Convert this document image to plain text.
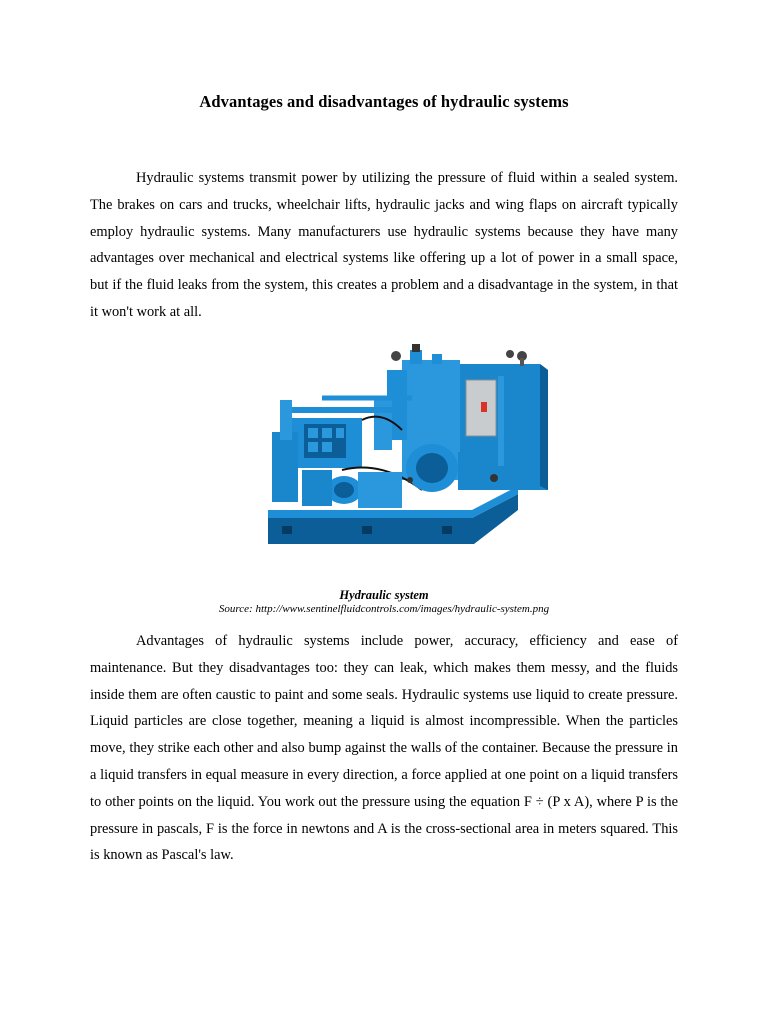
Advantages and disadvantages of hydraulic systems

Hydraulic systems transmit power by utilizing the pressure of fluid within a sealed system. The brakes on cars and trucks, wheelchair lifts, hydraulic jacks and wing flaps on aircraft typically employ hydraulic systems. Many manufacturers use hydraulic systems because they have many advantages over mechanical and electrical systems like offering up a lot of power in a small space, but if the fluid leaks from the system, this creates a problem and a disadvantage in the system, in that it won't work at all.

Hydraulic system
Source: http://www.sentinelfluidcontrols.com/images/hydraulic-system.png

Advantages of hydraulic systems include power, accuracy, efficiency and ease of maintenance. But they disadvantages too: they can leak, which makes them messy, and the fluids inside them are often caustic to paint and some seals. Hydraulic systems use liquid to create pressure. Liquid particles are close together, meaning a liquid is almost incompressible. When the particles move, they strike each other and also bump against the walls of the container. Because the pressure in a liquid transfers in equal measure in every direction, a force applied at one point on a liquid transfers to other points on the liquid. You work out the pressure using the equation F ÷ (P x A), where P is the pressure in pascals, F is the force in newtons and A is the cross-sectional area in meters squared. This is known as Pascal's law.
